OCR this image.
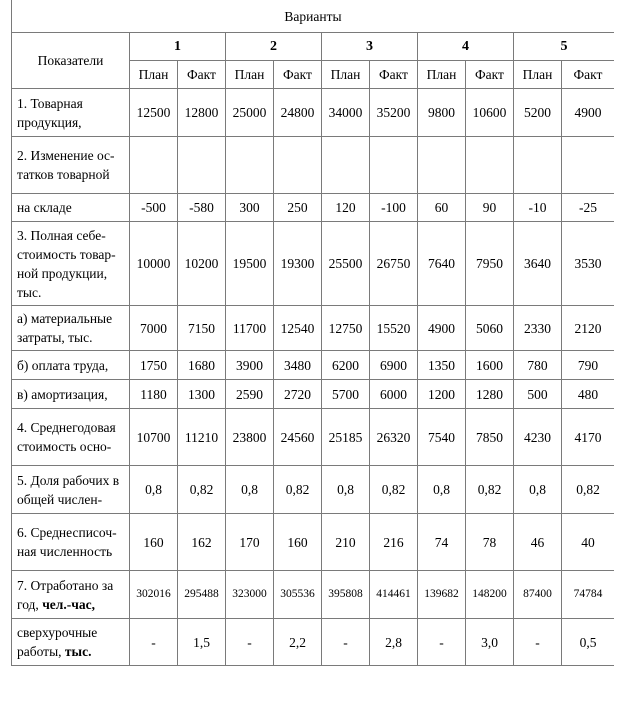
Варианты										
Показатели	1		2		3		4		5	
	План	Факт	План	Факт	План	Факт	План	Факт	План	Факт
1. Товарная продукция,	12500	12800	25000	24800	34000	35200	9800	10600	5200	4900
2. Изменение ос-татков товарной										
на складе	-500	-580	300	250	120	-100	60	90	-10	-25
3. Полная себе-стоимость товар-ной продукции, тыс.	10000	10200	19500	19300	25500	26750	7640	7950	3640	3530
а) материальные затраты, тыс.	7000	7150	11700	12540	12750	15520	4900	5060	2330	2120
б) оплата труда,	1750	1680	3900	3480	6200	6900	1350	1600	780	790
в) амортизация,	1180	1300	2590	2720	5700	6000	1200	1280	500	480
4. Среднегодовая стоимость осно-	10700	11210	23800	24560	25185	26320	7540	7850	4230	4170
5. Доля рабочих в общей числен-	0,8	0,82	0,8	0,82	0,8	0,82	0,8	0,82	0,8	0,82
6. Среднесписоч-ная численность	160	162	170	160	210	216	74	78	46	40
7. Отработано за год, чел.-час,	302016	295488	323000	305536	395808	414461	139682	148200	87400	74784
сверхурочные работы, тыс.	-	1,5	-	2,2	-	2,8	-	3,0	-	0,5
